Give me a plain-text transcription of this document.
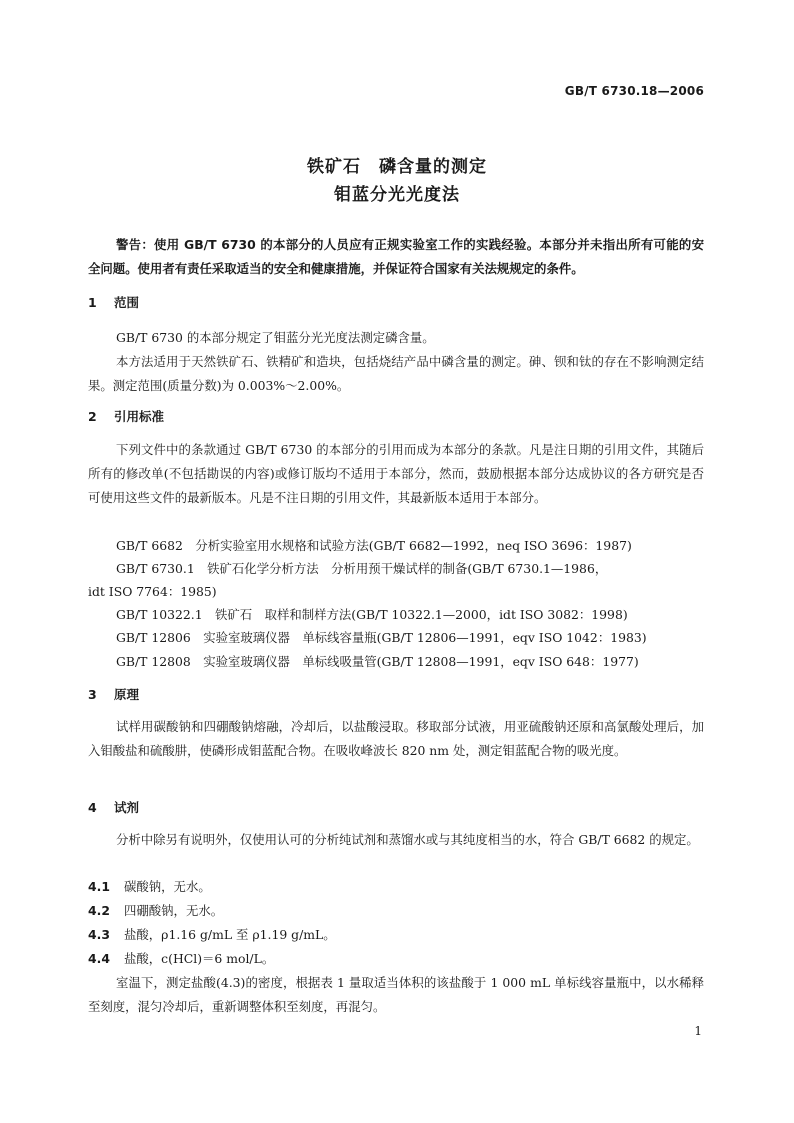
GB/T 6730.18—2006
铁矿石　磷含量的测定
钼蓝分光光度法
警告：使用 GB/T 6730 的本部分的人员应有正规实验室工作的实践经验。本部分并未指出所有可能的安全问题。使用者有责任采取适当的安全和健康措施，并保证符合国家有关法规规定的条件。
1 范围
GB/T 6730 的本部分规定了钼蓝分光光度法测定磷含量。
本方法适用于天然铁矿石、铁精矿和造块，包括烧结产品中磷含量的测定。砷、钡和钛的存在不影响测定结果。测定范围(质量分数)为 0.003%～2.00%。
2 引用标准
下列文件中的条款通过 GB/T 6730 的本部分的引用而成为本部分的条款。凡是注日期的引用文件，其随后所有的修改单(不包括勘误的内容)或修订版均不适用于本部分，然而，鼓励根据本部分达成协议的各方研究是否可使用这些文件的最新版本。凡是不注日期的引用文件，其最新版本适用于本部分。
GB/T 6682　分析实验室用水规格和试验方法(GB/T 6682—1992，neq ISO 3696：1987)
GB/T 6730.1　铁矿石化学分析方法　分析用预干燥试样的制备(GB/T 6730.1—1986，
idt ISO 7764：1985)
GB/T 10322.1　铁矿石　取样和制样方法(GB/T 10322.1—2000，idt ISO 3082：1998)
GB/T 12806　实验室玻璃仪器　单标线容量瓶(GB/T 12806—1991，eqv ISO 1042：1983)
GB/T 12808　实验室玻璃仪器　单标线吸量管(GB/T 12808—1991，eqv ISO 648：1977)
3 原理
试样用碳酸钠和四硼酸钠熔融，冷却后，以盐酸浸取。移取部分试液，用亚硫酸钠还原和高氯酸处理后，加入钼酸盐和硫酸肼，使磷形成钼蓝配合物。在吸收峰波长 820 nm 处，测定钼蓝配合物的吸光度。
4 试剂
分析中除另有说明外，仅使用认可的分析纯试剂和蒸馏水或与其纯度相当的水，符合 GB/T 6682 的规定。
4.1 碳酸钠，无水。
4.2 四硼酸钠，无水。
4.3 盐酸，ρ1.16 g/mL 至 ρ1.19 g/mL。
4.4 盐酸，c(HCl)＝6 mol/L。
室温下，测定盐酸(4.3)的密度，根据表 1 量取适当体积的该盐酸于 1 000 mL 单标线容量瓶中，以水稀释至刻度，混匀冷却后，重新调整体积至刻度，再混匀。
1
